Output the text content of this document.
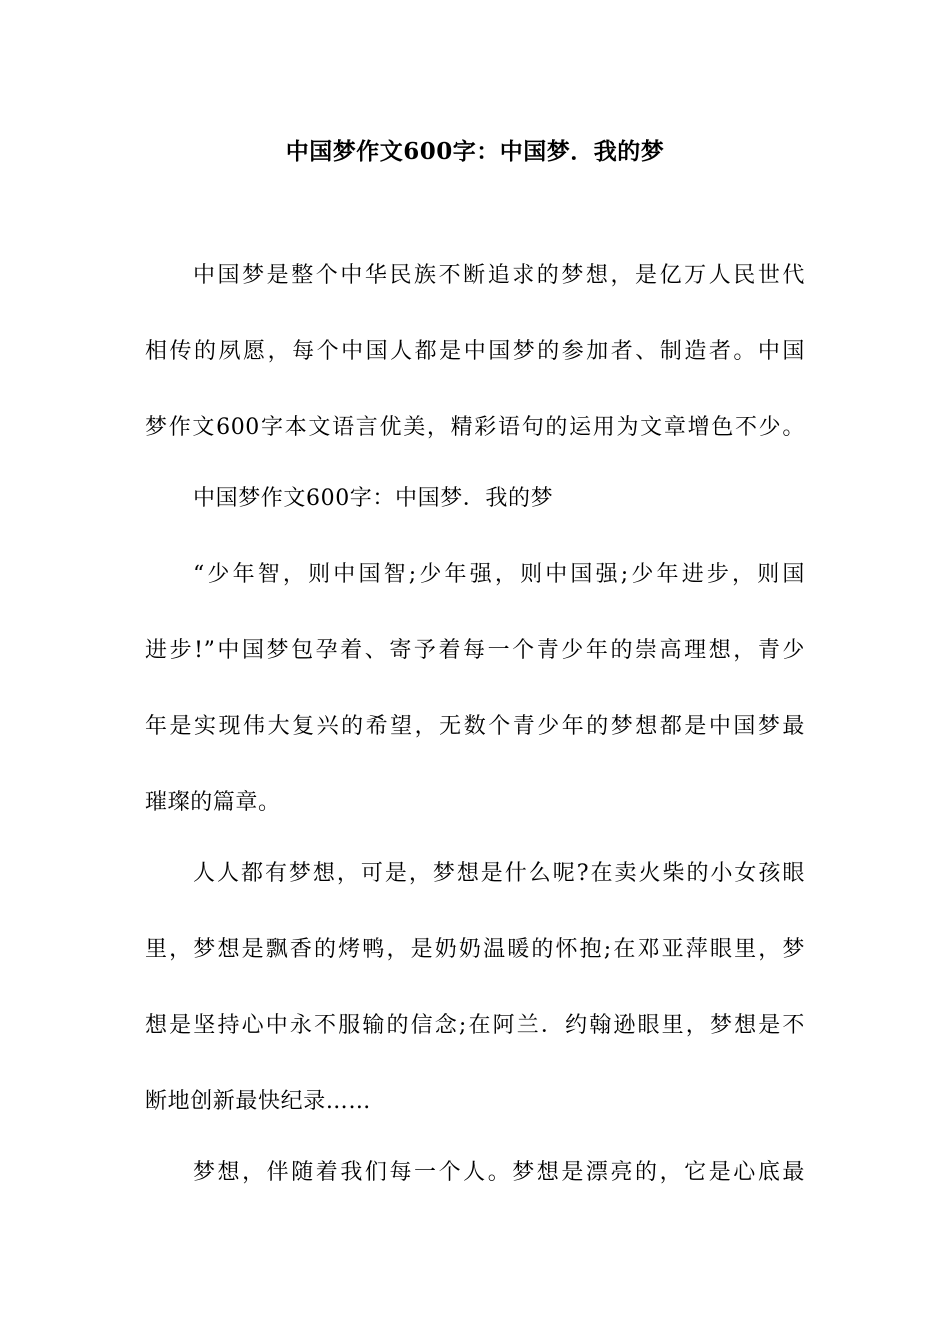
中国梦作文600字：中国梦．我的梦
中国梦是整个中华民族不断追求的梦想，是亿万人民世代
相传的夙愿，每个中国人都是中国梦的参加者、制造者。中国
梦作文600字本文语言优美，精彩语句的运用为文章增色不少。
中国梦作文600字：中国梦．我的梦
“少年智，则中国智;少年强，则中国强;少年进步，则国
进步!”中国梦包孕着、寄予着每一个青少年的崇高理想，青少
年是实现伟大复兴的希望，无数个青少年的梦想都是中国梦最
璀璨的篇章。
人人都有梦想，可是，梦想是什么呢?在卖火柴的小女孩眼
里，梦想是飘香的烤鸭，是奶奶温暖的怀抱;在邓亚萍眼里，梦
想是坚持心中永不服输的信念;在阿兰．约翰逊眼里，梦想是不
断地创新最快纪录……
梦想，伴随着我们每一个人。梦想是漂亮的，它是心底最
